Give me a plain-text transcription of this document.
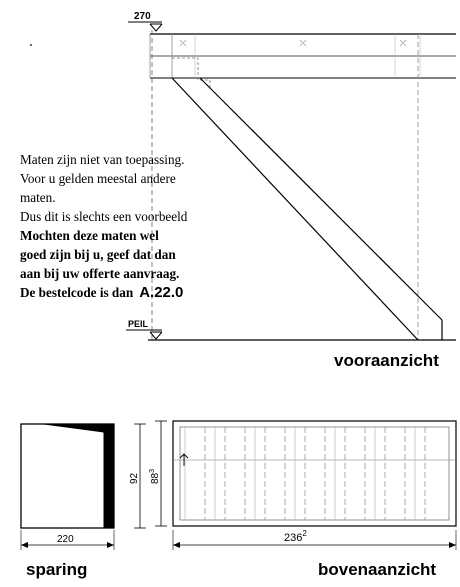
270
PEIL
vooraanzicht
92
220
sparing
$88^3$
$236^2$
bovenaanzicht
Maten zijn niet van toepassing.
Voor u gelden meestal andere
maten.
Dus dit is slechts een voorbeeld
Mochten deze maten wel
goed zijn bij u, geef dat dan
aan bij uw offerte aanvraag.
De bestelcode is dan A.22.0
